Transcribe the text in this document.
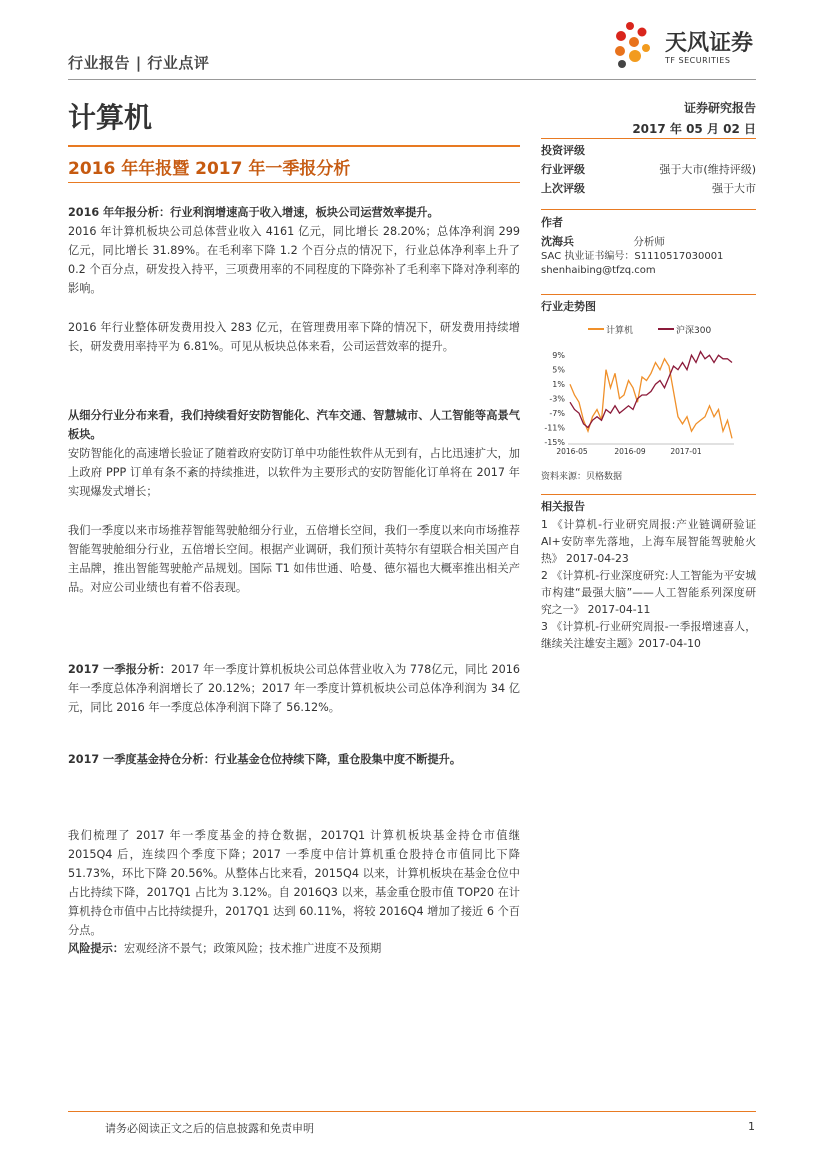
行业报告 | 行业点评
计算机
天风证券
TF SECURITIES
证券研究报告
2017 年 05 月 02 日
2016 年年报暨 2017 年一季报分析

2016 年年报分析：行业利润增速高于收入增速，板块公司运营效率提升。

2016 年计算机板块公司总体营业收入 4161 亿元，同比增长 28.20%；总体净利润 299 亿元，同比增长 31.89%。在毛利率下降 1.2 个百分点的情况下，行业总体净利率上升了 0.2 个百分点，研发投入持平，三项费用率的不同程度的下降弥补了毛利率下降对净利率的影响。

2016 年行业整体研发费用投入 283 亿元，在管理费用率下降的情况下，研发费用持续增长，研发费用率持平为 6.81%。可见从板块总体来看，公司运营效率的提升。

从细分行业分布来看，我们持续看好安防智能化、汽车交通、智慧城市、人工智能等高景气板块。

安防智能化的高速增长验证了随着政府安防订单中功能性软件从无到有，占比迅速扩大，加上政府 PPP 订单有条不紊的持续推进，以软件为主要形式的安防智能化订单将在 2017 年实现爆发式增长；

我们一季度以来市场推荐智能驾驶舱细分行业，五倍增长空间，我们一季度以来向市场推荐智能驾驶舱细分行业，五倍增长空间。根据产业调研，我们预计英特尔有望联合相关国产自主品牌，推出智能驾驶舱产品规划。国际 T1 如伟世通、哈曼、德尔福也大概率推出相关产品。对应公司业绩也有着不俗表现。

2017 一季报分析：2017 年一季度计算机板块公司总体营业收入为 778亿元，同比 2016 年一季度总体净利润增长了 20.12%；2017 年一季度计算机板块公司总体净利润为 34 亿元，同比 2016 年一季度总体净利润下降了 56.12%。

2017 一季度基金持仓分析：行业基金仓位持续下降，重仓股集中度不断提升。

我们梳理了 2017 年一季度基金的持仓数据，2017Q1 计算机板块基金持仓市值继 2015Q4 后，连续四个季度下降；2017 一季度中信计算机重仓股持仓市值同比下降 51.73%，环比下降 20.56%。从整体占比来看，2015Q4 以来，计算机板块在基金仓位中占比持续下降，2017Q1 占比为 3.12%。自 2016Q3 以来，基金重仓股市值 TOP20 在计算机持仓市值中占比持续提升，2017Q1 达到 60.11%，将较 2016Q4 增加了接近 6 个百分点。

风险提示：宏观经济不景气；政策风险；技术推广进度不及预期

投资评级
行业评级	强于大市(维持评级)
上次评级	强于大市
作者
沈海兵	分析师
SAC 执业证书编号：S1110517030001
shenhaibing@tfzq.com
行业走势图
计算机	沪深300
9%
5%
1%
-3%
-7%
-11%
-15%
2016-05	2016-09	2017-01
资料来源：贝格数据
相关报告
1 《计算机-行业研究周报:产业链调研验证 AI+安防率先落地，上海车展智能驾驶舱火热》 2017-04-23
2 《计算机-行业深度研究:人工智能为平安城市构建“最强大脑”——人工智能系列深度研究之一》 2017-04-11
3 《计算机-行业研究周报-一季报增速喜人，继续关注雄安主题》2017-04-10
请务必阅读正文之后的信息披露和免责申明	1
